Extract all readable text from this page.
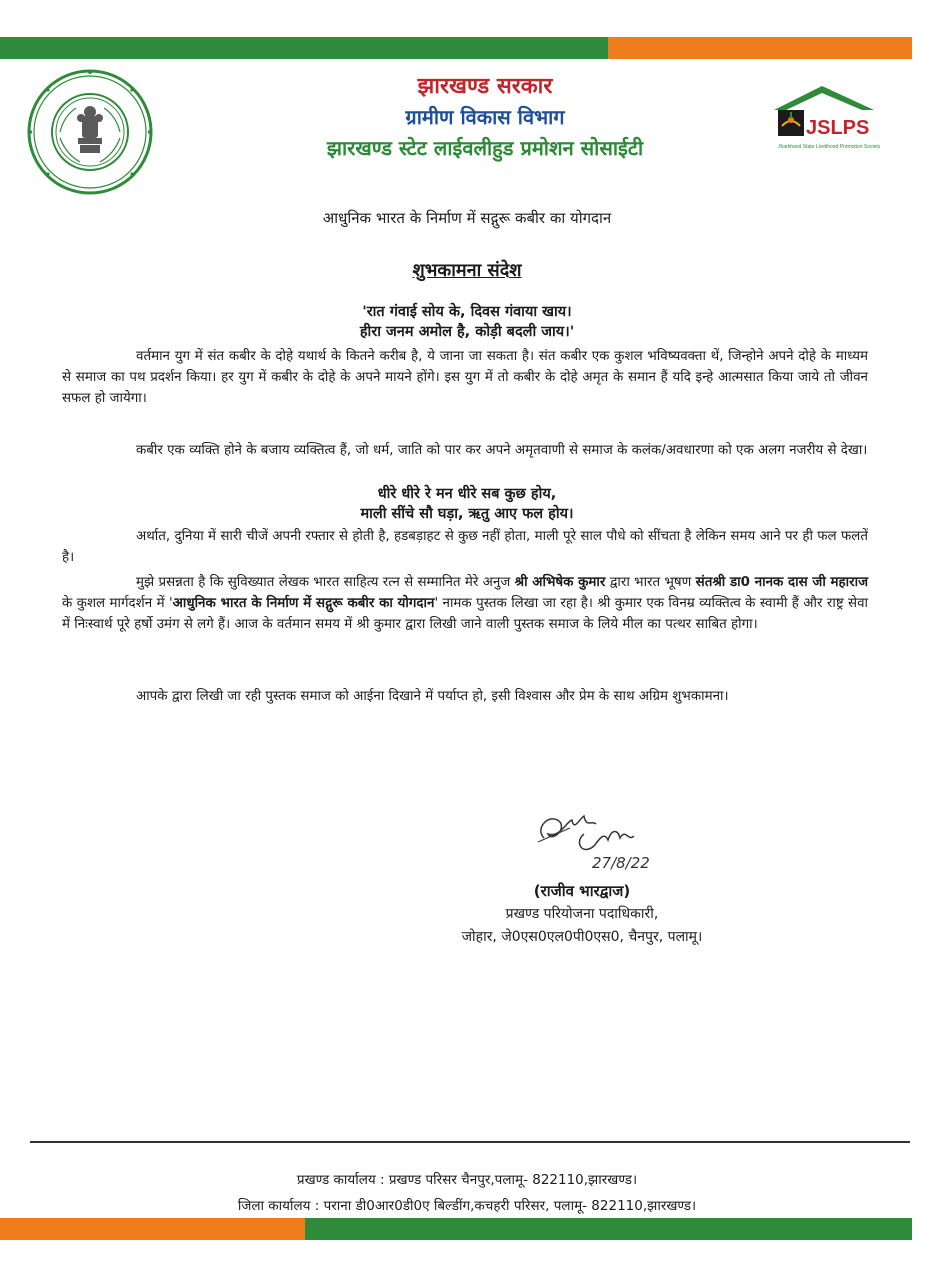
झारखण्ड सरकार
ग्रामीण विकास विभाग
झारखण्ड स्टेट लाईवलीहुड प्रमोशन सोसाईटी
JSLPS
Jharkhand State Livelihood Promotion Society
आधुनिक भारत के निर्माण में सद्गुरू कबीर का योगदान
शुभकामना संदेश
'रात गंवाई सोय के, दिवस गंवाया खाय।
हीरा जनम अमोल है, कोड़ी बदली जाय।'

वर्तमान युग में संत कबीर के दोहे यथार्थ के कितने करीब है, ये जाना जा सकता है। संत कबीर एक कुशल भविष्यवक्ता थें, जिन्होने अपने दोहे के माध्यम से समाज का पथ प्रदर्शन किया। हर युग में कबीर के दोहे के अपने मायने होंगे। इस युग में तो कबीर के दोहे अमृत के समान हैं यदि इन्हे आत्मसात किया जाये तो जीवन सफल हो जायेगा।

कबीर एक व्यक्ति होने के बजाय व्यक्तित्व हैं, जो धर्म, जाति को पार कर अपने अमृतवाणी से समाज के कलंक/अवधारणा को एक अलग नजरीय से देखा।

धीरे धीरे रे मन धीरे सब कुछ होय,
माली सींचे सौ घड़ा, ऋतु आए फल होय।

अर्थात, दुनिया में सारी चीजें अपनी रफ्तार से होती है, हडबड़ाहट से कुछ नहीं होता, माली पूरे साल पौधे को सींचता है लेकिन समय आने पर ही फल फलतें है।

मुझे प्रसन्नता है कि सुविख्यात लेखक भारत साहित्य रत्न से सम्मानित मेरे अनुज श्री अभिषेक कुमार द्वारा भारत भूषण संतश्री डा0 नानक दास जी महाराज के कुशल मार्गदर्शन में 'आधुनिक भारत के निर्माण में सद्गुरू कबीर का योगदान' नामक पुस्तक लिखा जा रहा है। श्री कुमार एक विनम्र व्यक्तित्व के स्वामी हैं और राष्ट्र सेवा में निःस्वार्थ पूरे हर्षो उमंग से लगे हैं। आज के वर्तमान समय में श्री कुमार द्वारा लिखी जाने वाली पुस्तक समाज के लिये मील का पत्थर साबित होगा।

आपके द्वारा लिखी जा रही पुस्तक समाज को आईना दिखाने में पर्याप्त हो, इसी विश्वास और प्रेम के साथ अग्रिम शुभकामना।

27/8/22
(राजीव भारद्वाज)
प्रखण्ड परियोजना पदाधिकारी,
जोहार, जे0एस0एल0पी0एस0, चैनपुर, पलामू।
प्रखण्ड कार्यालय : प्रखण्ड परिसर चैनपुर,पलामू- 822110,झारखण्ड।
जिला कार्यालय : पराना डी0आर0डी0ए बिल्डींग,कचहरी परिसर, पलामू- 822110,झारखण्ड।
